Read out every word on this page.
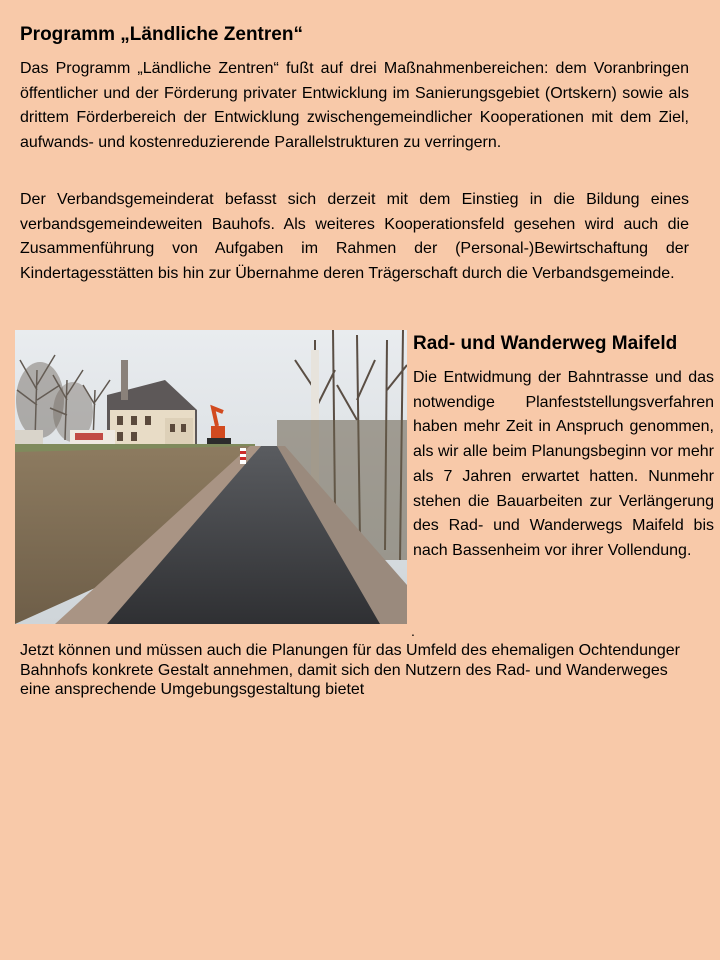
Programm „Ländliche Zentren“

Das Programm „Ländliche Zentren“ fußt auf drei Maßnahmenbereichen: dem Voranbringen öffentlicher und der Förderung privater Entwicklung im Sanierungsgebiet (Ortskern) sowie als drittem Förderbereich der Entwicklung zwischengemeindlicher Kooperationen mit dem Ziel, aufwands- und kostenreduzierende Parallelstrukturen zu verringern.

Der Verbandsgemeinderat befasst sich derzeit mit dem Einstieg in die Bildung eines verbandsgemeindeweiten Bauhofs. Als weiteres Kooperationsfeld gesehen wird auch die Zusammenführung von Aufgaben im Rahmen der (Personal-)Bewirtschaftung der Kindertagesstätten bis hin zur Übernahme deren Trägerschaft durch die Verbandsgemeinde.

Rad- und Wanderweg Maifeld

Die Entwidmung der Bahntrasse und das notwendige Planfeststellungsverfahren haben mehr Zeit in Anspruch genommen, als wir alle beim Planungsbeginn vor mehr als 7 Jahren erwartet hatten. Nunmehr stehen die Bauarbeiten zur Verlängerung des Rad- und Wanderwegs Maifeld bis nach Bassenheim vor ihrer Vollendung.

.

Jetzt können und müssen auch die Planungen für das Umfeld des ehemaligen Ochtendunger Bahnhofs konkrete Gestalt annehmen, damit sich den Nutzern des Rad- und Wanderweges eine ansprechende Umgebungsgestaltung bietet
